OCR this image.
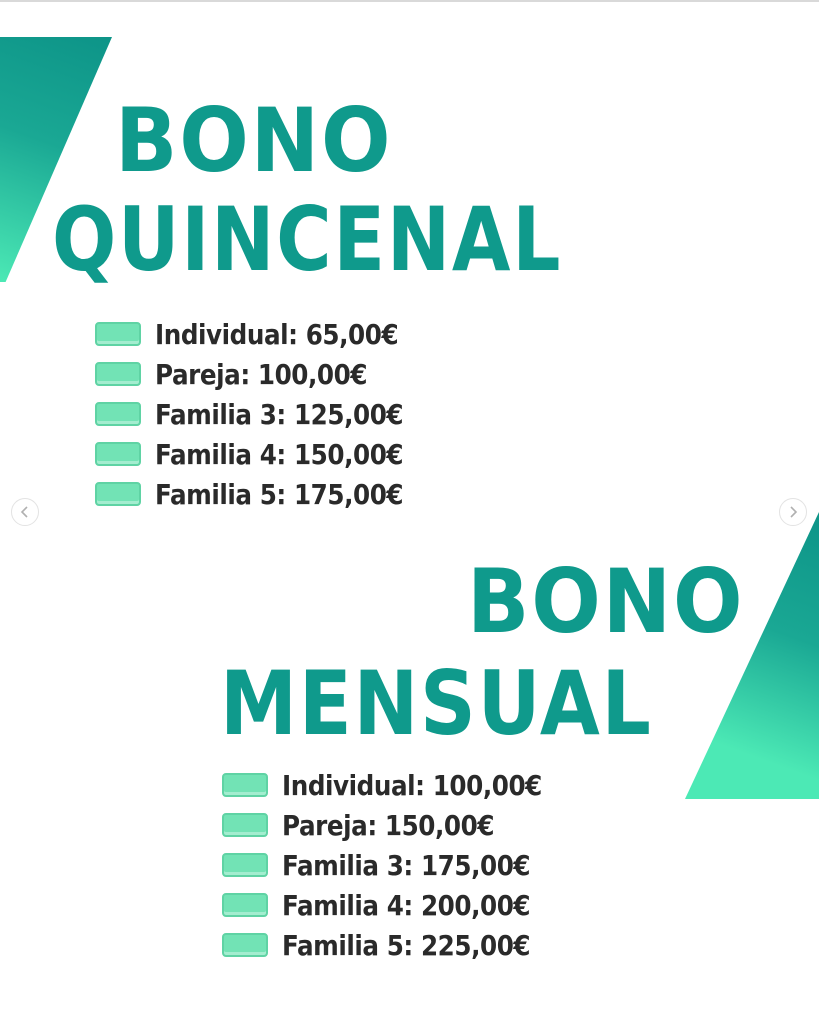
BONO
QUINCENAL
Individual: 65,00€
Pareja: 100,00€
Familia 3: 125,00€
Familia 4: 150,00€
Familia 5: 175,00€
BONO
MENSUAL
Individual: 100,00€
Pareja: 150,00€
Familia 3: 175,00€
Familia 4: 200,00€
Familia 5: 225,00€
